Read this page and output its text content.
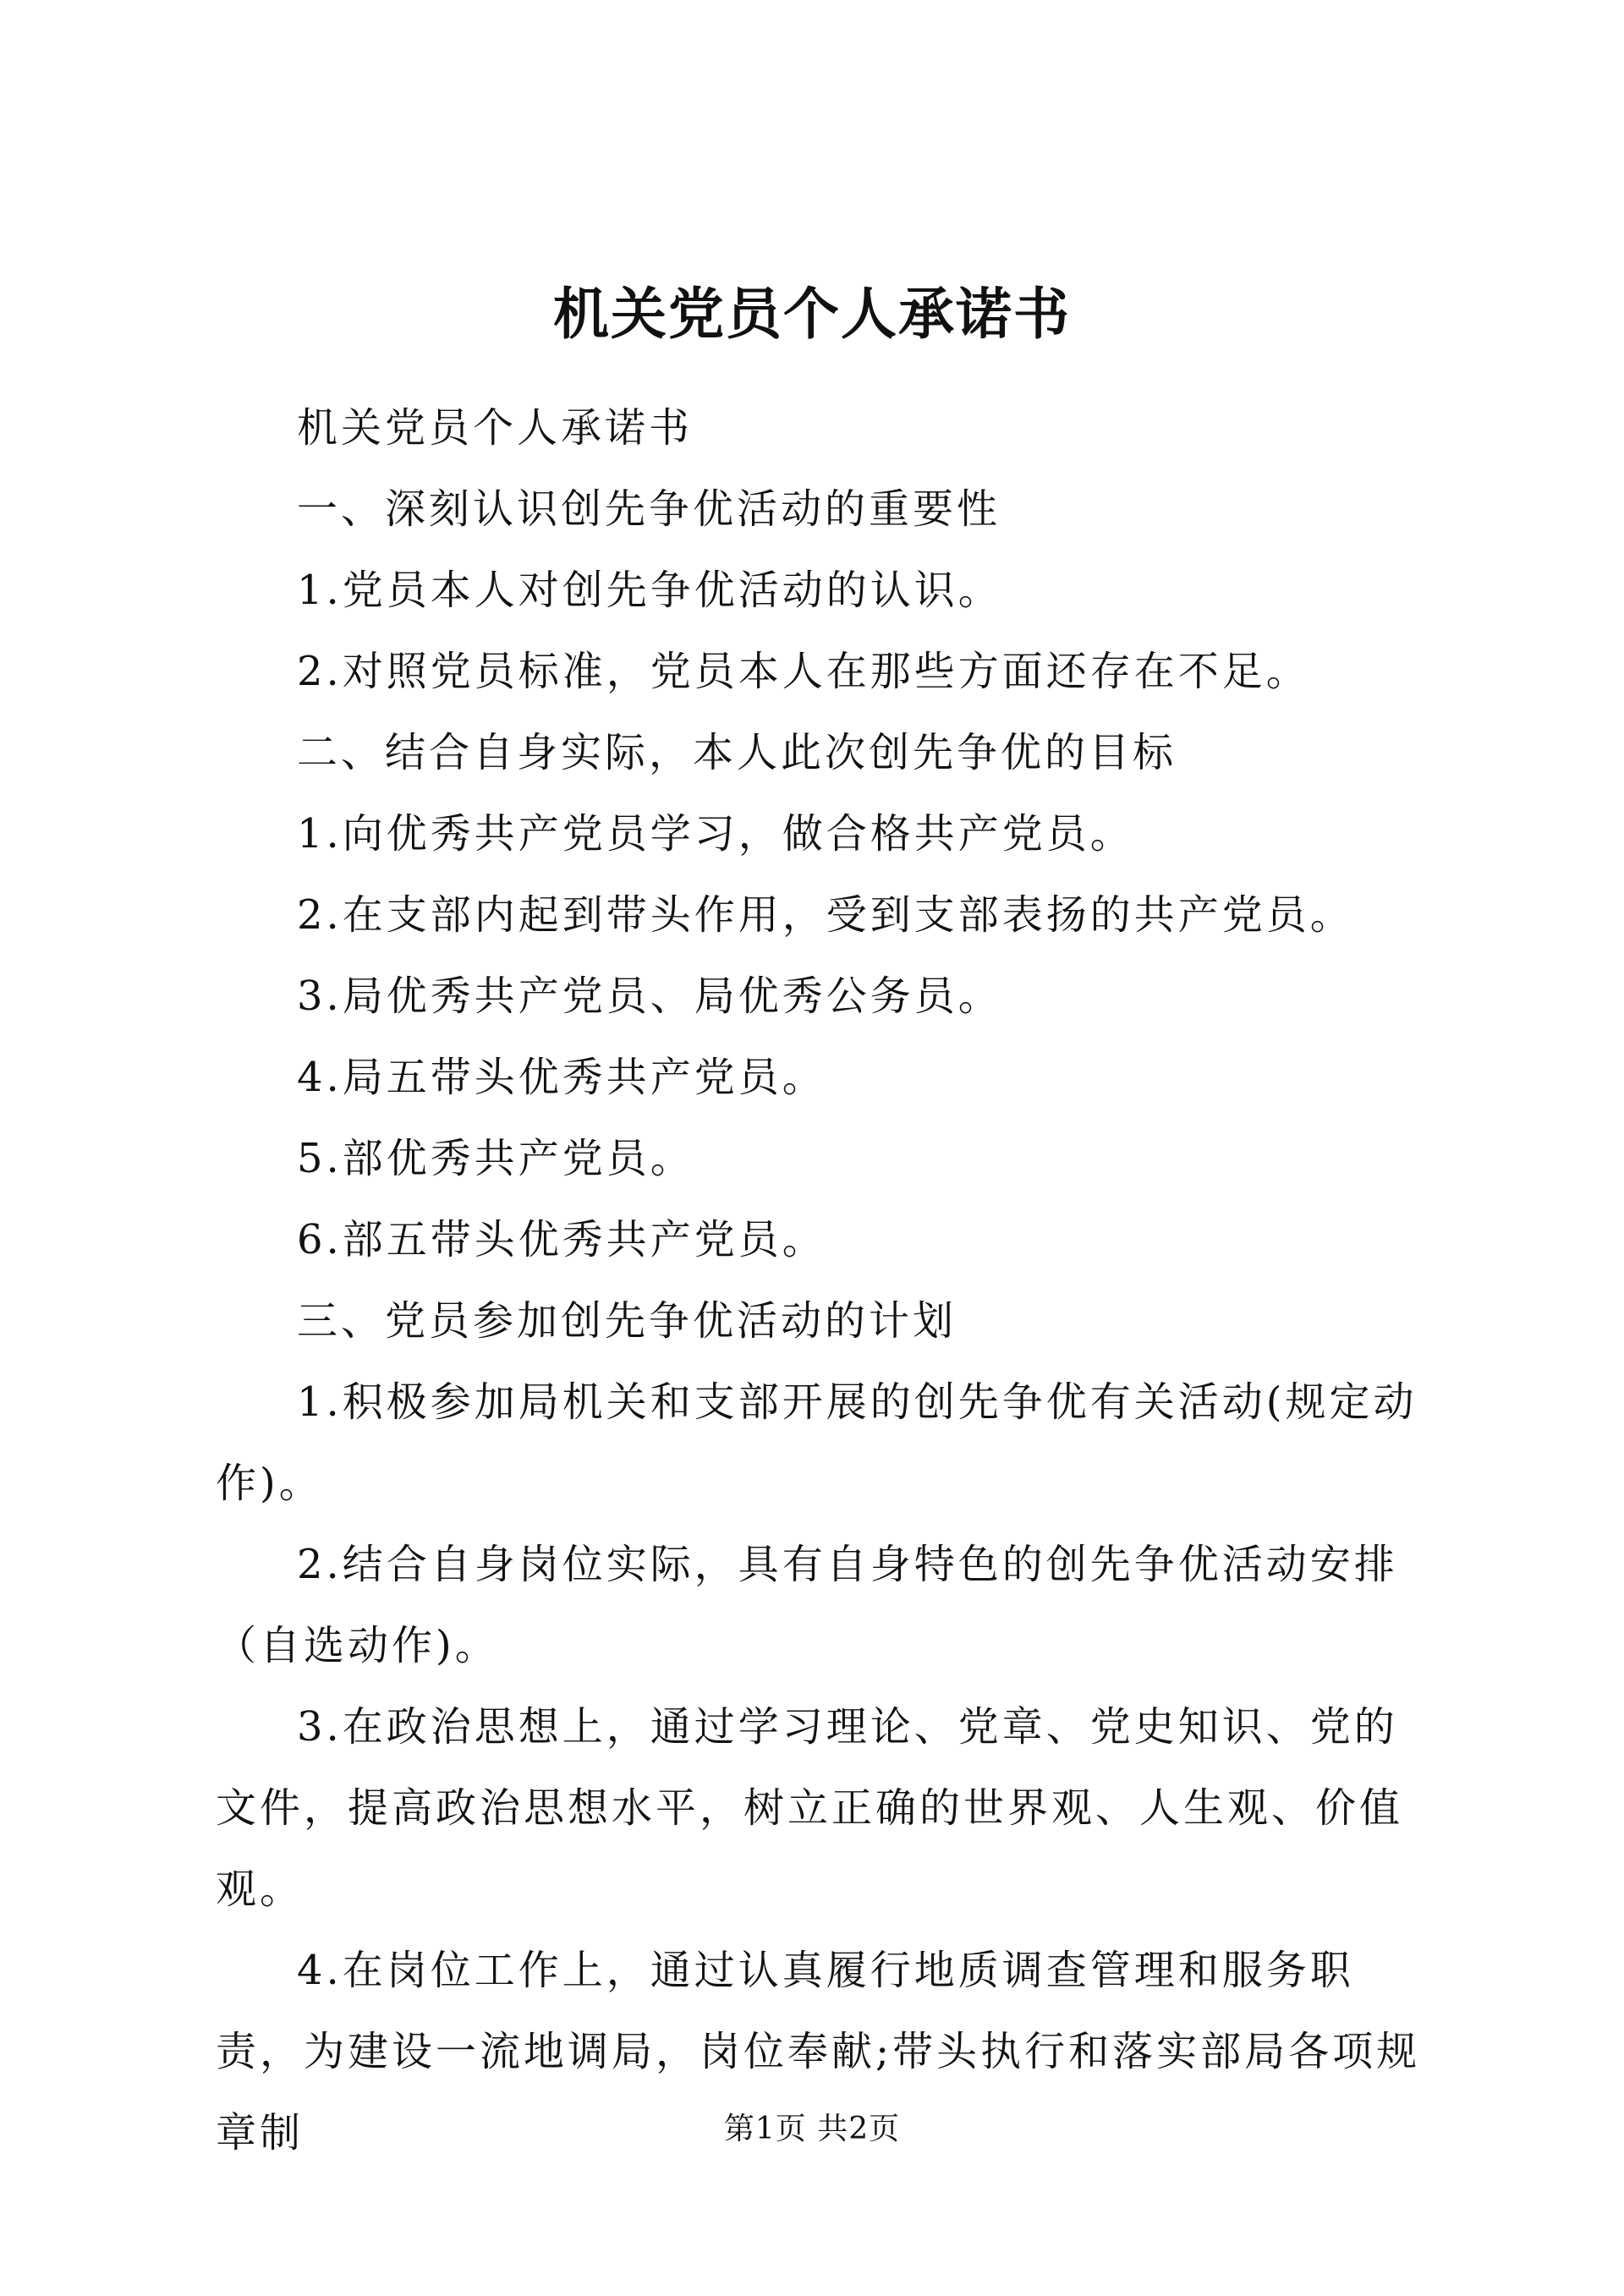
机关党员个人承诺书

机关党员个人承诺书

一、深刻认识创先争优活动的重要性

1.党员本人对创先争优活动的认识。

2.对照党员标准，党员本人在那些方面还存在不足。

二、结合自身实际，本人此次创先争优的目标

1.向优秀共产党员学习，做合格共产党员。

2.在支部内起到带头作用，受到支部表扬的共产党员。

3.局优秀共产党员、局优秀公务员。

4.局五带头优秀共产党员。

5.部优秀共产党员。

6.部五带头优秀共产党员。

三、党员参加创先争优活动的计划

1.积极参加局机关和支部开展的创先争优有关活动(规定动作)。

2.结合自身岗位实际，具有自身特色的创先争优活动安排（自选动作)。

3.在政治思想上，通过学习理论、党章、党史知识、党的文件，提高政治思想水平，树立正确的世界观、人生观、价值观。

4.在岗位工作上，通过认真履行地质调查管理和服务职责，为建设一流地调局，岗位奉献;带头执行和落实部局各项规章制	第1页 共2页
